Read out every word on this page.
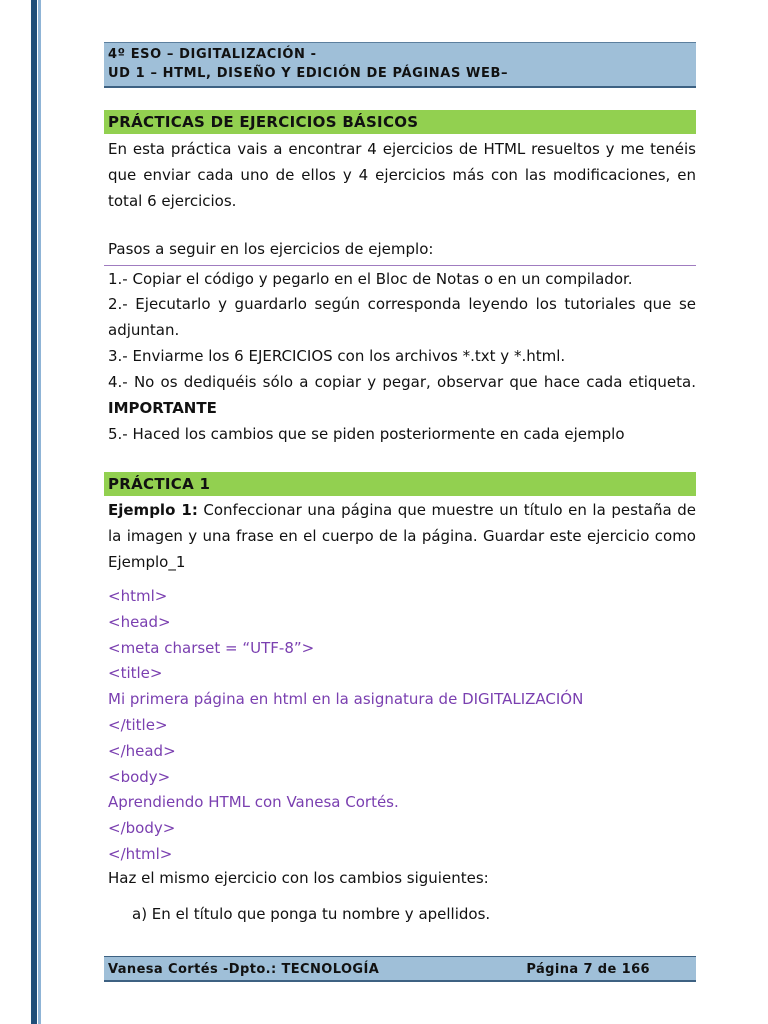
4º ESO – DIGITALIZACIÓN -
UD 1 – HTML, DISEÑO Y EDICIÓN DE PÁGINAS WEB–
PRÁCTICAS DE EJERCICIOS BÁSICOS
En esta práctica vais a encontrar 4 ejercicios de HTML resueltos y me tenéis que enviar cada uno de ellos y 4 ejercicios más con las modificaciones, en total 6 ejercicios.
Pasos a seguir en los ejercicios de ejemplo:
1.- Copiar el código y pegarlo en el Bloc de Notas o en un compilador.
2.- Ejecutarlo y guardarlo según corresponda leyendo los tutoriales que se adjuntan.
3.- Enviarme los 6 EJERCICIOS con los archivos *.txt y *.html.
4.- No os dediquéis sólo a copiar y pegar, observar que hace cada etiqueta. IMPORTANTE
5.- Haced los cambios que se piden posteriormente en cada ejemplo
PRÁCTICA 1
Ejemplo 1: Confeccionar una página que muestre un título en la pestaña de la imagen y una frase en el cuerpo de la página. Guardar este ejercicio como Ejemplo_1
<html>
<head>
<meta charset = “UTF-8”>
<title>
Mi primera página en html en la asignatura de DIGITALIZACIÓN
</title>
</head>
<body>
Aprendiendo HTML con Vanesa Cortés.
</body>
</html>
Haz el mismo ejercicio con los cambios siguientes:
a) En el título que ponga tu nombre y apellidos.
Vanesa Cortés -Dpto.: TECNOLOGÍA	Página 7 de 166
